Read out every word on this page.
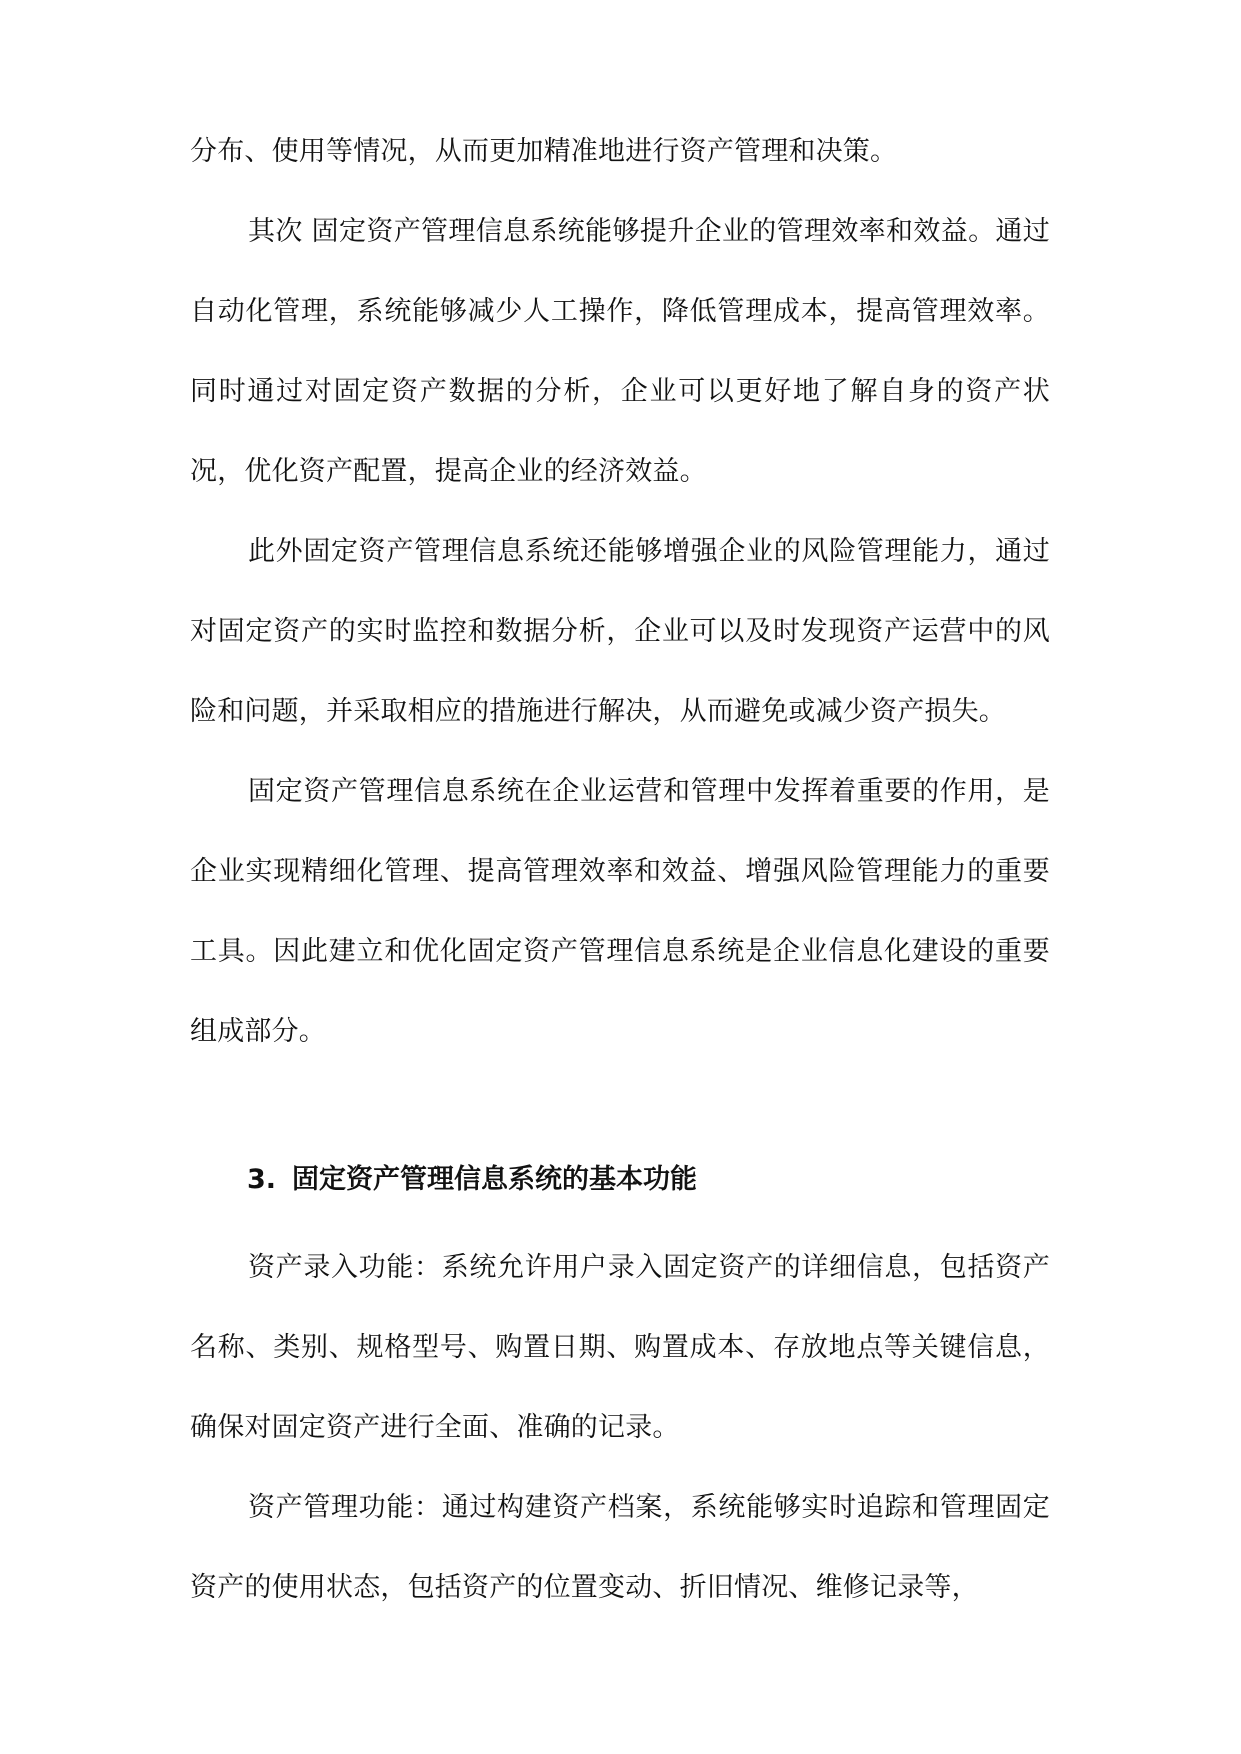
分布、使用等情况，从而更加精准地进行资产管理和决策。

其次 固定资产管理信息系统能够提升企业的管理效率和效益。通过自动化管理，系统能够减少人工操作，降低管理成本，提高管理效率。同时通过对固定资产数据的分析，企业可以更好地了解自身的资产状况，优化资产配置，提高企业的经济效益。

此外固定资产管理信息系统还能够增强企业的风险管理能力，通过对固定资产的实时监控和数据分析，企业可以及时发现资产运营中的风险和问题，并采取相应的措施进行解决，从而避免或减少资产损失。

固定资产管理信息系统在企业运营和管理中发挥着重要的作用，是企业实现精细化管理、提高管理效率和效益、增强风险管理能力的重要工具。因此建立和优化固定资产管理信息系统是企业信息化建设的重要组成部分。

3. 固定资产管理信息系统的基本功能

资产录入功能：系统允许用户录入固定资产的详细信息，包括资产名称、类别、规格型号、购置日期、购置成本、存放地点等关键信息，确保对固定资产进行全面、准确的记录。

资产管理功能：通过构建资产档案，系统能够实时追踪和管理固定资产的使用状态，包括资产的位置变动、折旧情况、维修记录等，
